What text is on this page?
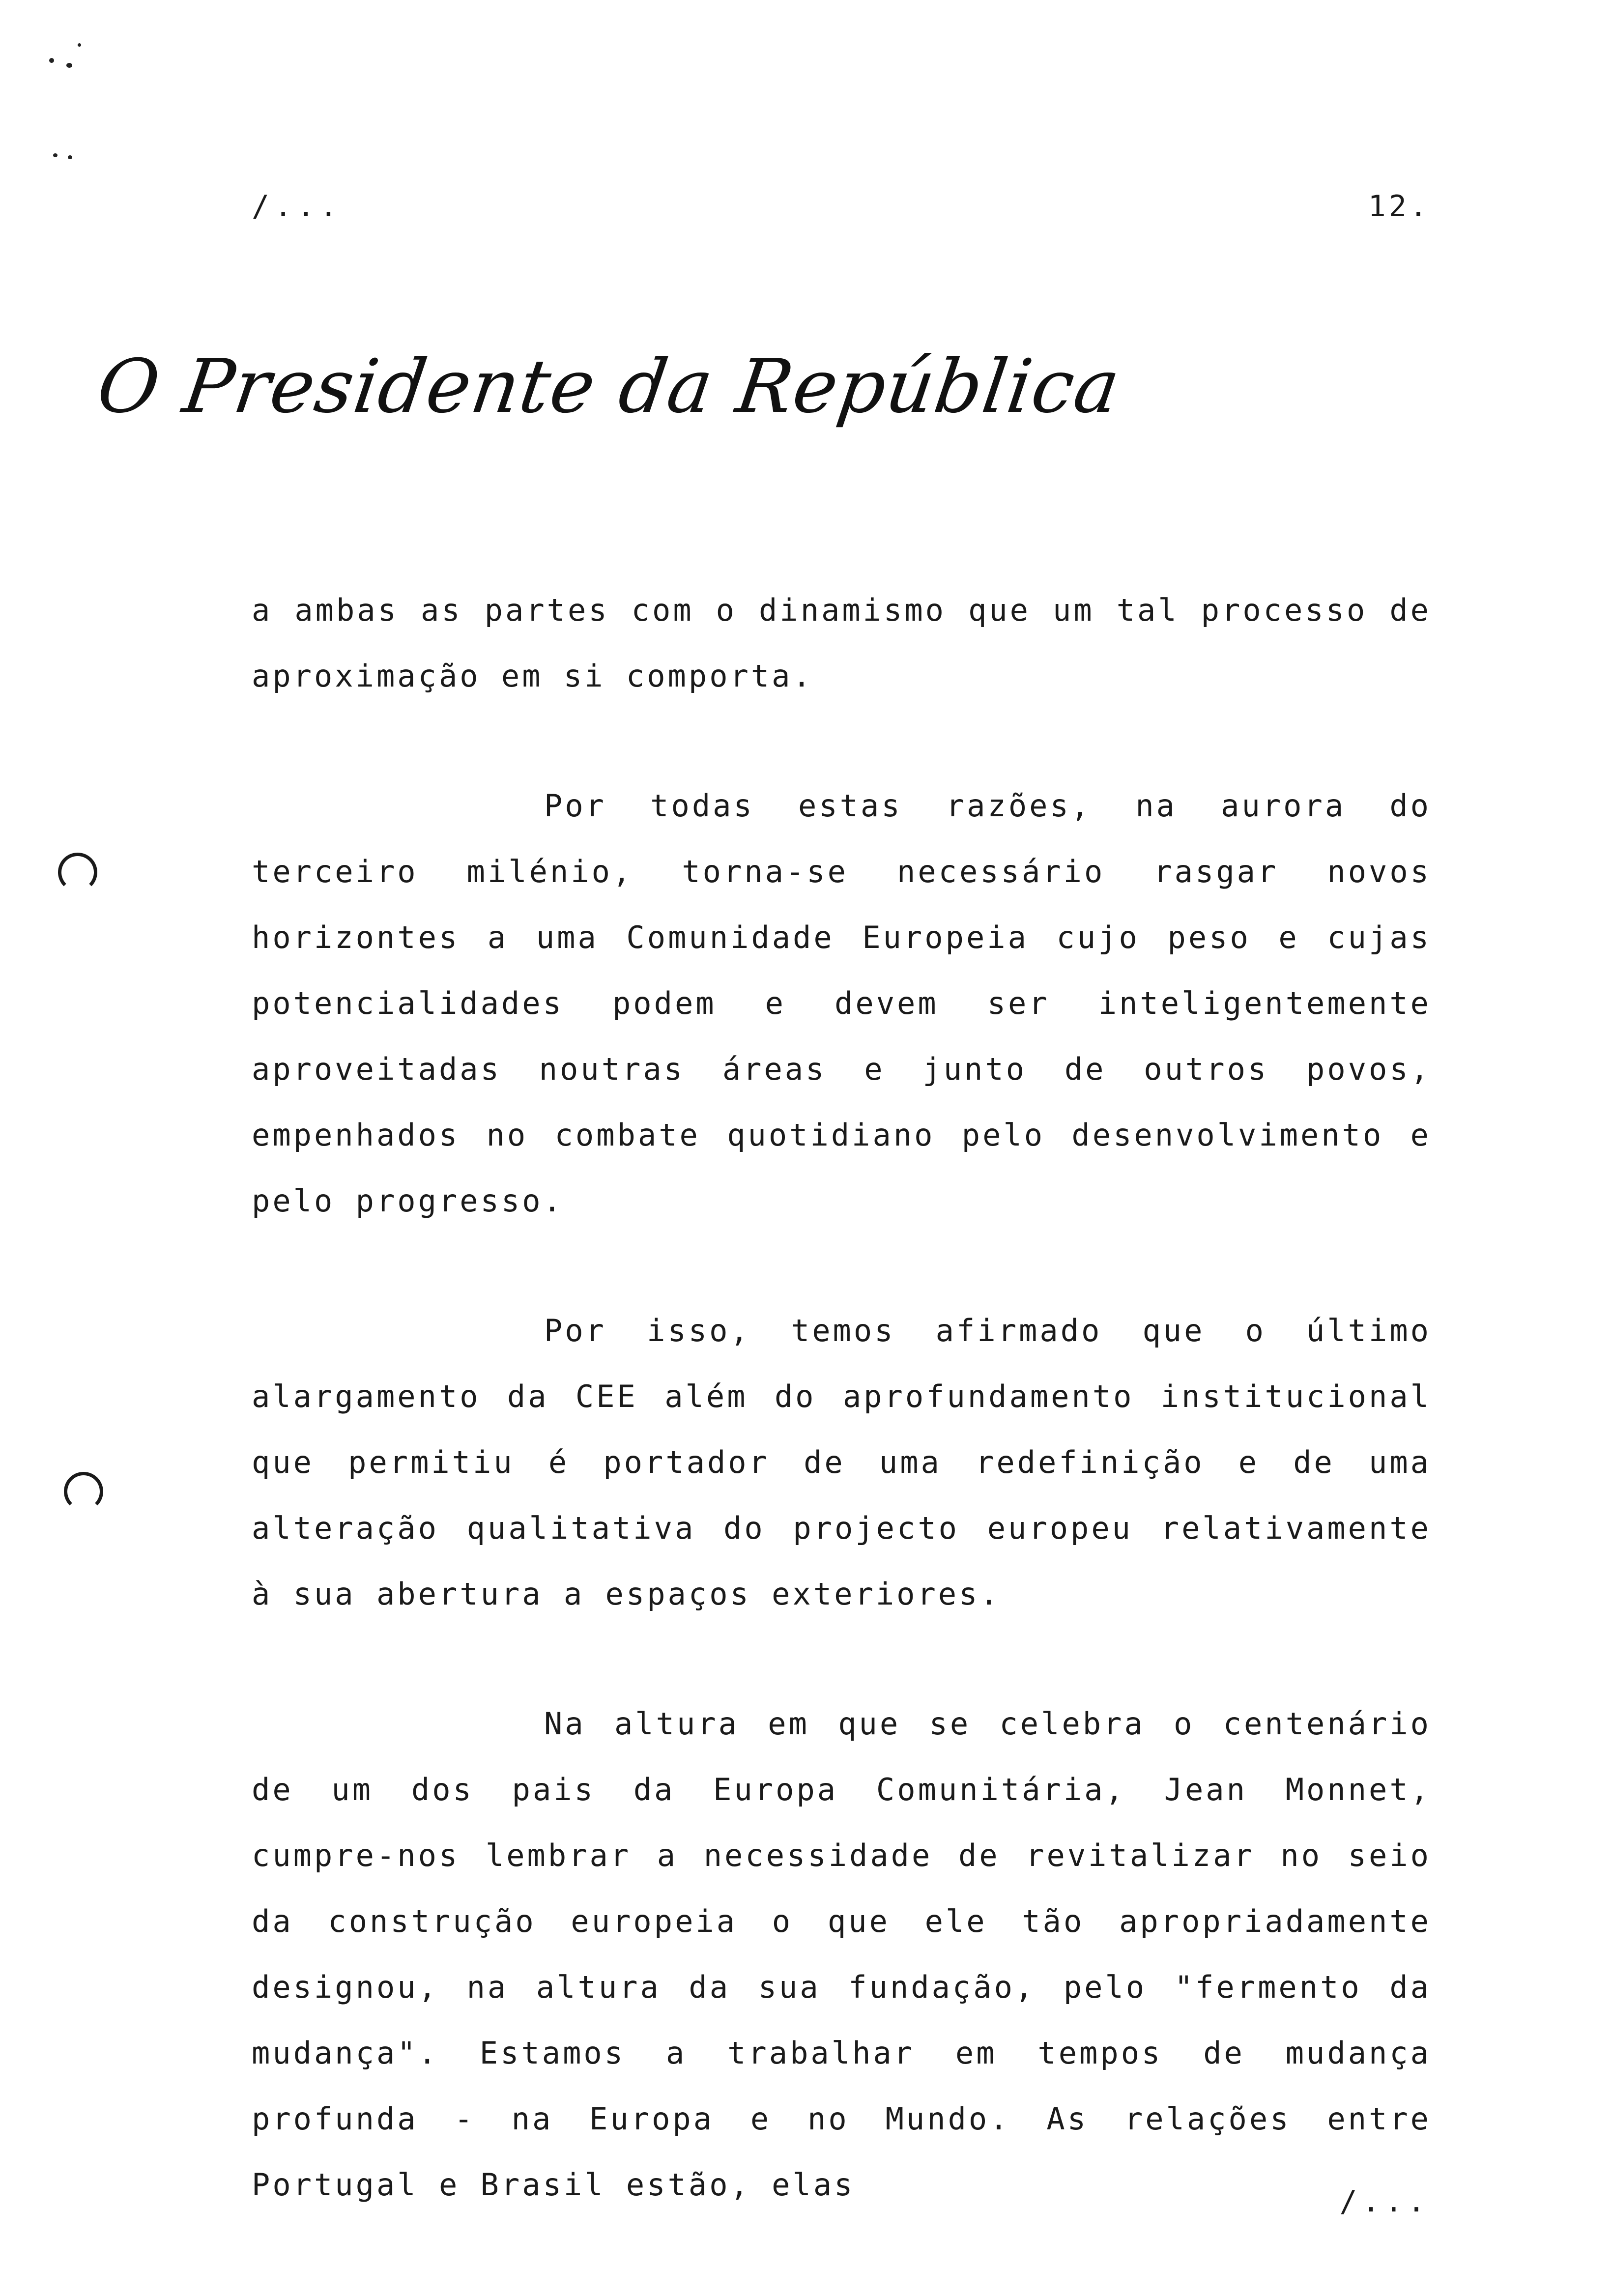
/...	12.
O Presidente da República

a ambas as partes com o dinamismo que um tal processo de aproximação em si comporta.

Por todas estas razões, na aurora do terceiro milénio, torna-se necessário rasgar novos horizontes a uma Comunidade Europeia cujo peso e cujas potencialidades podem e devem ser inteligentemente aproveitadas noutras áreas e junto de outros povos, empenhados no combate quotidiano pelo desenvolvimento e pelo progresso.

Por isso, temos afirmado que o último alargamento da CEE além do aprofundamento institucional que permitiu é portador de uma redefinição e de uma alteração qualitativa do projecto europeu relativamente à sua abertura a espaços exteriores.

Na altura em que se celebra o centenário de um dos pais da Europa Comunitária, Jean Monnet, cumpre-nos lembrar a necessidade de revitalizar no seio da construção europeia o que ele tão apropriadamente designou, na altura da sua fundação, pelo "fermento da mudança". Estamos a trabalhar em tempos de mudança profunda - na Europa e no Mundo. As relações entre Portugal e Brasil estão, elas	/...
